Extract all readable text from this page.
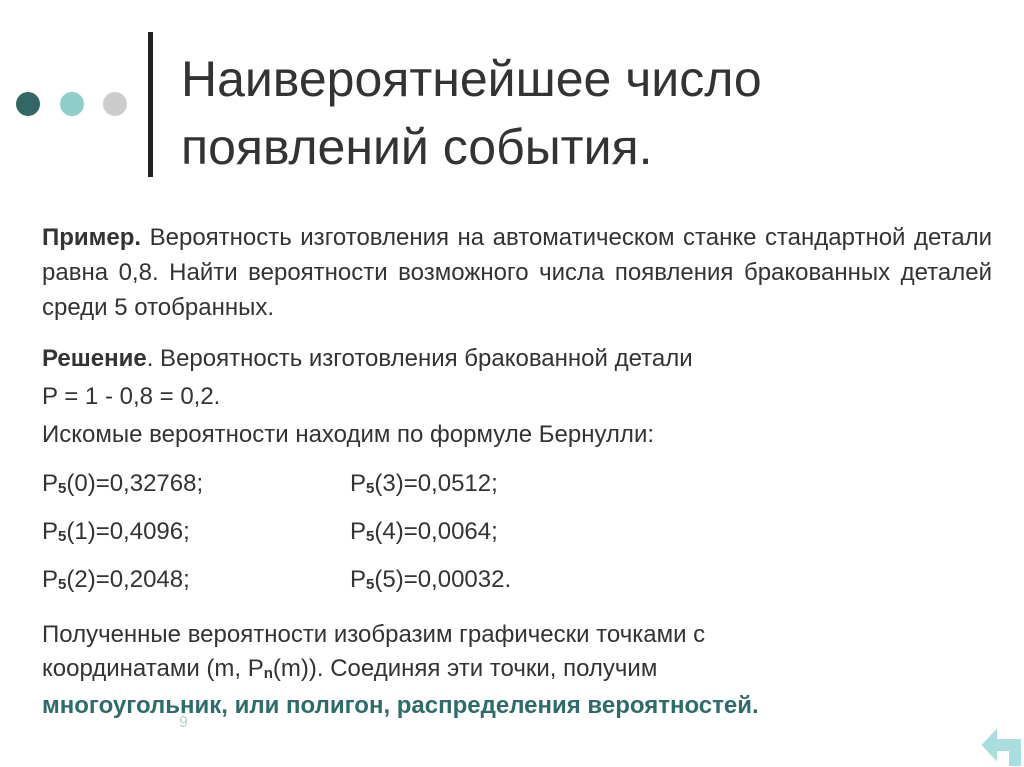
Наивероятнейшее число
появлений события.

Пример. Вероятность изготовления на автоматическом станке стандартной детали равна 0,8. Найти вероятности возможного числа появления бракованных деталей среди 5 отобранных.

Решение. Вероятность изготовления бракованной детали
P = 1 - 0,8 = 0,2.
Искомые вероятности находим по формуле Бернулли:

P5(0)=0,32768;	P5(3)=0,0512;
P5(1)=0,4096;	P5(4)=0,0064;
P5(2)=0,2048;	P5(5)=0,00032.

Полученные вероятности изобразим графически точками с
координатами (m, Pn(m)). Соединяя эти точки, получим
многоугольник, или полигон, распределения вероятностей.

9
